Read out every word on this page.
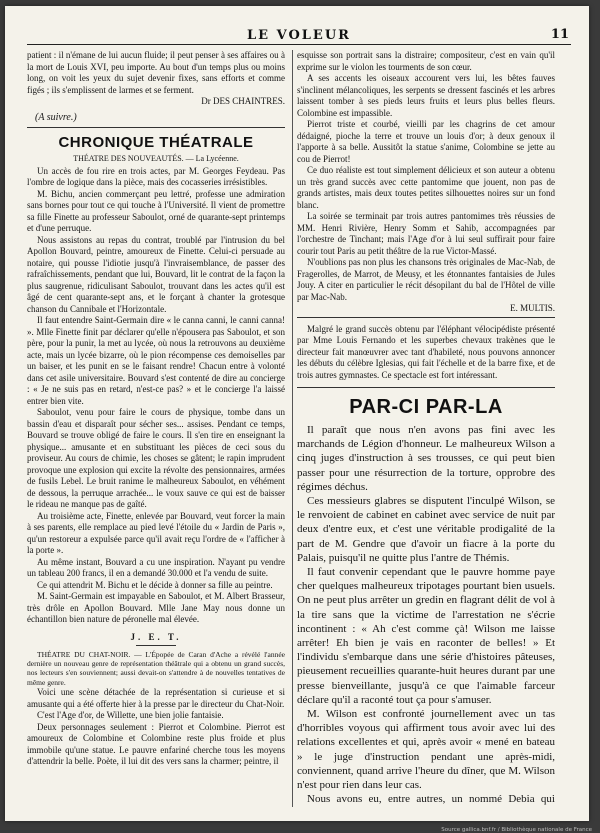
LE VOLEUR	11

patient : il n'émane de lui aucun fluide; il peut penser à ses affaires ou à la mort de Louis XVI, peu importe. Au bout d'un temps plus ou moins long, on voit les yeux du sujet devenir fixes, sans efforts et comme figés ; ils s'emplissent de larmes et se ferment.

Dr DES CHAINTRES.
(A suivre.)
CHRONIQUE THÉATRALE
THÉATRE DES NOUVEAUTÉS. — La Lycéenne.

Un accès de fou rire en trois actes, par M. Georges Feydeau. Pas l'ombre de logique dans la pièce, mais des cocasseries irrésistibles.

M. Bichu, ancien commerçant peu lettré, professe une admiration sans bornes pour tout ce qui touche à l'Université. Il vient de promettre sa fille Finette au professeur Saboulot, orné de quarante-sept printemps et d'une perruque.

Nous assistons au repas du contrat, troublé par l'intrusion du bel Apollon Bouvard, peintre, amoureux de Finette. Celui-ci persuade au notaire, qui pousse l'idiotie jusqu'à l'invraisemblance, de passer des rafraîchissements, pendant que lui, Bouvard, lit le contrat de la façon la plus saugrenue, ridiculisant Saboulot, trouvant dans les actes qu'il est âgé de cent quarante-sept ans, et le forçant à chanter la grotesque chanson du Cannibale et l'Horizontale.

Il faut entendre Saint-Germain dire « le canna canni, le canni canna! ». Mlle Finette finit par déclarer qu'elle n'épousera pas Saboulot, et son père, pour la punir, la met au lycée, où nous la retrouvons au deuxième acte, mais un lycée bizarre, où le pion récompense ces demoiselles par un baiser, et les punit en se le faisant rendre! Chacun entre à volonté dans cet asile universitaire. Bouvard s'est contenté de dire au concierge : « Je ne suis pas en retard, n'est-ce pas? » et le concierge l'a laissé entrer bien vite.

Saboulot, venu pour faire le cours de physique, tombe dans un bassin d'eau et disparaît pour sécher ses... assises. Pendant ce temps, Bouvard se trouve obligé de faire le cours. Il s'en tire en enseignant la physique... amusante et en substituant les pièces de ceci sous du proviseur. Au cours de chimie, les choses se gâtent; le rapin imprudent provoque une explosion qui excite la révolte des pensionnaires, armées de fusils Lebel. Le bruit ranime le malheureux Saboulot, en véhément de dessous, la perruque arrachée... le voux sauve ce qui est de baisser le rideau ne manque pas de gaîté.

Au troisième acte, Finette, enlevée par Bouvard, veut forcer la main à ses parents, elle remplace au pied levé l'étoile du « Jardin de Paris », qu'un restoreur a expulsée parce qu'il avait reçu l'ordre de « l'afficher à la porte ».

Au même instant, Bouvard a cu une inspiration. N'ayant pu vendre un tableau 200 francs, il en a demandé 30.000 et l'a vendu de suite.

Ce qui attendrit M. Bichu et le décide à donner sa fille au peintre.

M. Saint-Germain est impayable en Saboulot, et M. Albert Brasseur, très drôle en Apollon Bouvard. Mlle Jane May nous donne un échantillon bien nature de péronelle mal élevée.

J. E. T.

THÉATRE DU CHAT-NOIR. — L'Épopée de Caran d'Ache a révélé l'année dernière un nouveau genre de représentation théâtrale qui a obtenu un grand succès, nos lecteurs s'en souviennent; aussi devait-on s'attendre à de nouvelles tentatives de même genre.

Voici une scène détachée de la représentation si curieuse et si amusante qui a été offerte hier à la presse par le directeur du Chat-Noir.

C'est l'Age d'or, de Willette, une bien jolie fantaisie.

Deux personnages seulement : Pierrot et Colombine. Pierrot est amoureux de Colombine et Colombine reste plus froide et plus immobile qu'une statue. Le pauvre enfariné cherche tous les moyens d'attendrir la belle. Poète, il lui dit des vers sans la charmer; peintre, il

esquisse son portrait sans la distraire; compositeur, c'est en vain qu'il exprime sur le violon les tourments de son cœur.

A ses accents les oiseaux accourent vers lui, les bêtes fauves s'inclinent mélancoliques, les serpents se dressent fascinés et les arbres laissent tomber à ses pieds leurs fruits et leurs plus belles fleurs. Colombine est impassible.

Pierrot triste et courbé, vieilli par les chagrins de cet amour dédaigné, pioche la terre et trouve un louis d'or; à deux genoux il l'apporte à sa belle. Aussitôt la statue s'anime, Colombine se jette au cou de Pierrot!

Ce duo réaliste est tout simplement délicieux et son auteur a obtenu un très grand succès avec cette pantomime que jouent, non pas de grands artistes, mais deux toutes petites silhouettes noires sur un fond blanc.

La soirée se terminait par trois autres pantomimes très réussies de MM. Henri Rivière, Henry Somm et Sahib, accompagnées par l'orchestre de Tinchant; mais l'Age d'or à lui seul suffirait pour faire courir tout Paris au petit théâtre de la rue Victor-Massé.

N'oublions pas non plus les chansons très originales de Mac-Nab, de Fragerolles, de Marrot, de Meusy, et les étonnantes fantaisies de Jules Jouy. A citer en particulier le récit désopilant du bal de l'Hôtel de ville par Mac-Nab.

E. MULTIS.

Malgré le grand succès obtenu par l'éléphant vélocipédiste présenté par Mme Louis Fernando et les superbes chevaux trakènes que le directeur fait manœuvrer avec tant d'habileté, nous pouvons annoncer les débuts du célèbre Iglesias, qui fait l'échelle et de la barre fixe, et de trois autres gymnastes. Ce spectacle est fort intéressant.

PAR-CI PAR-LA

Il paraît que nous n'en avons pas fini avec les marchands de Légion d'honneur. Le malheureux Wilson a cinq juges d'instruction à ses trousses, ce qui peut bien passer pour une résurrection de la torture, opprobre des régimes déchus.

Ces messieurs glabres se disputent l'inculpé Wilson, se le renvoient de cabinet en cabinet avec service de nuit par deux d'entre eux, et c'est une véritable prodigalité de la part de M. Gendre que d'avoir un fiacre à la porte du Palais, puisqu'il ne quitte plus l'antre de Thémis.

Il faut convenir cependant que le pauvre homme paye cher quelques malheureux tripotages pourtant bien usuels. On ne peut plus arrêter un gredin en flagrant délit de vol à la tire sans que la victime de l'arrestation ne s'écrie incontinent : « Ah c'est comme çà! Wilson me laisse arrêter! Eh bien je vais en raconter de belles! » Et l'individu s'embarque dans une série d'histoires pâteuses, pieusement recueillies quarante-huit heures durant par une presse bienveillante, jusqu'à ce que l'aimable farceur déclare qu'il a raconté tout ça pour s'amuser.

M. Wilson est confronté journellement avec un tas d'horribles voyous qui affirment tous avoir avec lui des relations excellentes et qui, après avoir « mené en bateau » le juge d'instruction pendant une après-midi, conviennent, quand arrive l'heure du dîner, que M. Wilson n'est pour rien dans leur cas.

Nous avons eu, entre autres, un nommé Debia qui

Source gallica.bnf.fr / Bibliothèque nationale de France
